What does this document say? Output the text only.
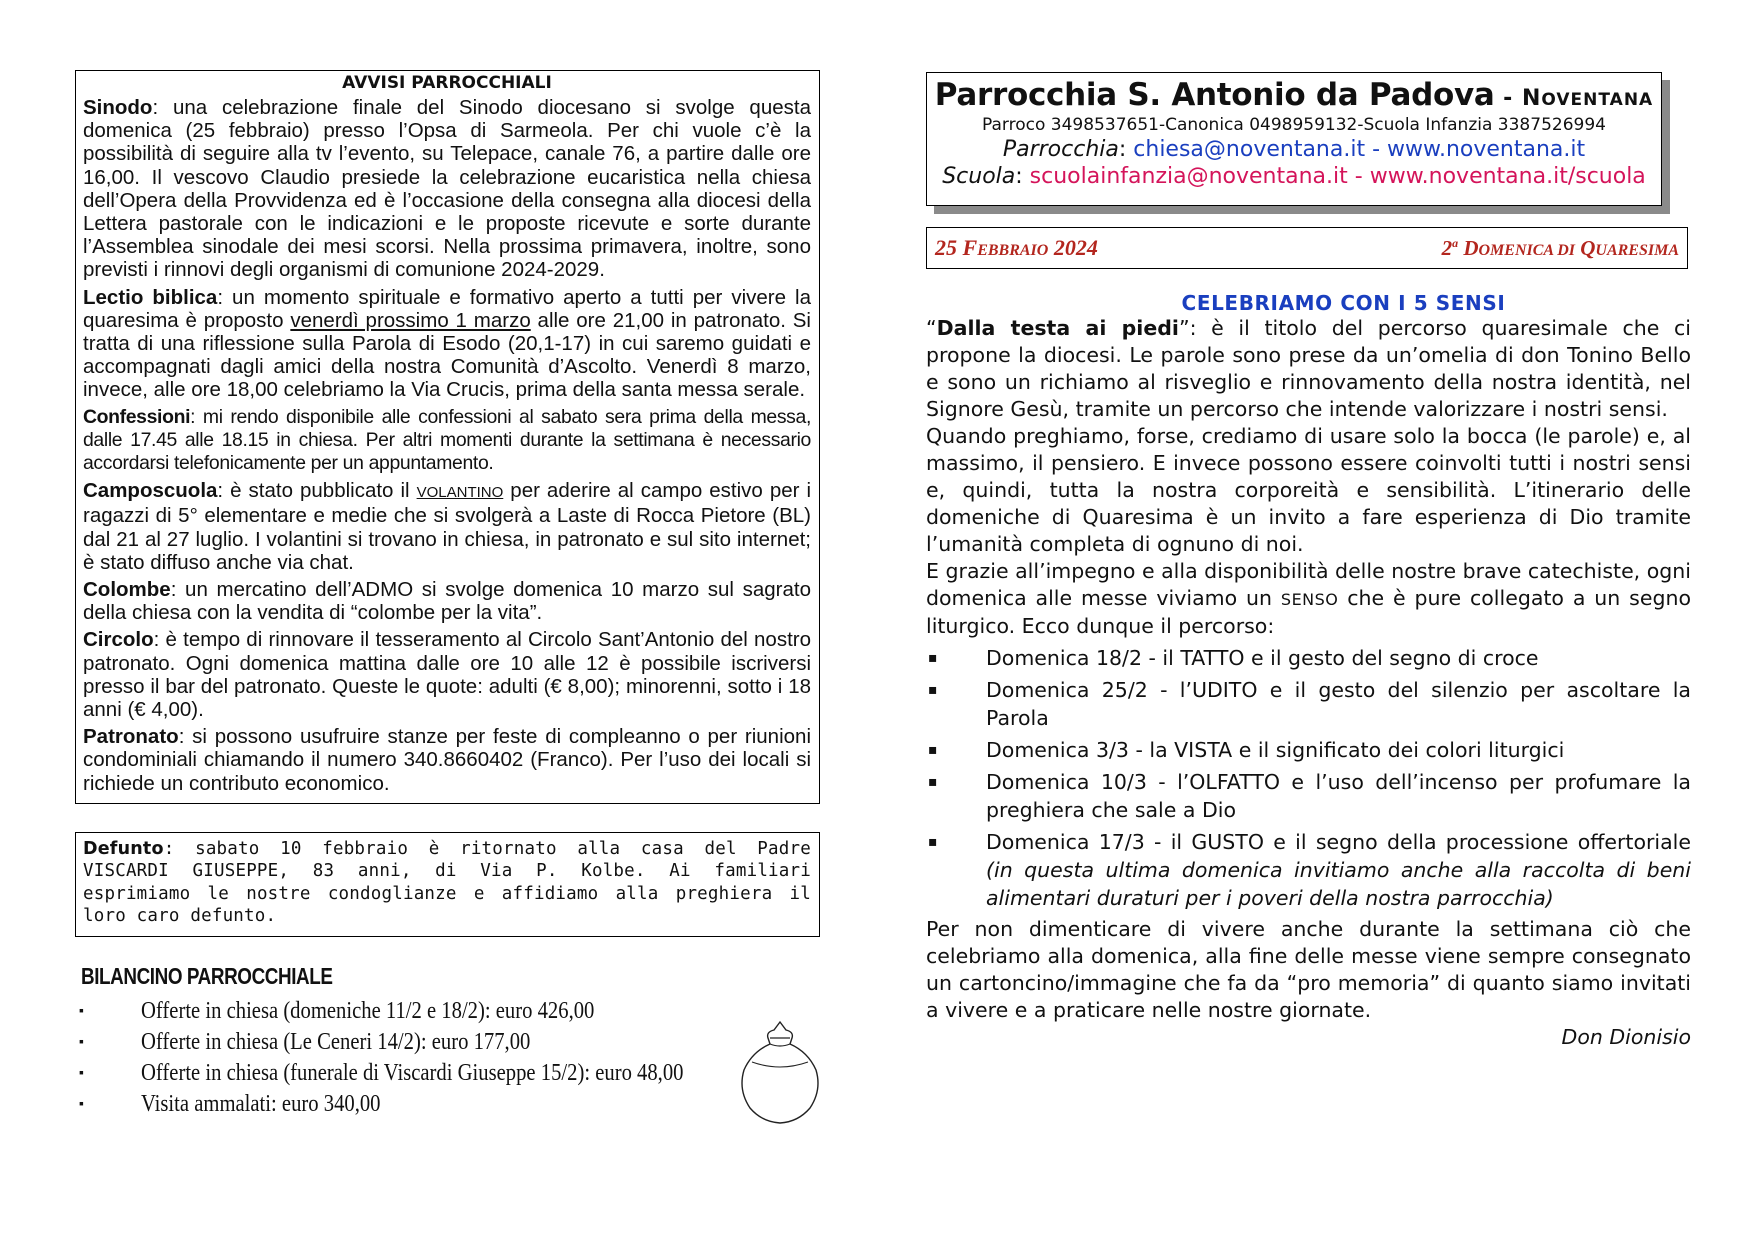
AVVISI PARROCCHIALI
Sinodo: una celebrazione finale del Sinodo diocesano si svolge questa domenica (25 febbraio) presso l’Opsa di Sarmeola. Per chi vuole c’è la possibilità di seguire alla tv l’evento, su Telepace, canale 76, a partire dalle ore 16,00. Il vescovo Claudio presiede la celebrazione eucaristica nella chiesa dell’Opera della Provvidenza ed è l’occasione della consegna alla diocesi della Lettera pastorale con le indicazioni e le proposte ricevute e sorte durante l’Assemblea sinodale dei mesi scorsi. Nella prossima primavera, inoltre, sono previsti i rinnovi degli organismi di comunione 2024-2029.
Lectio biblica: un momento spirituale e formativo aperto a tutti per vivere la quaresima è proposto venerdì prossimo 1 marzo alle ore 21,00 in patronato. Si tratta di una riflessione sulla Parola di Esodo (20,1-17) in cui saremo guidati e accompagnati dagli amici della nostra Comunità d’Ascolto. Venerdì 8 marzo, invece, alle ore 18,00 celebriamo la Via Crucis, prima della santa messa serale.
Confessioni: mi rendo disponibile alle confessioni al sabato sera prima della messa, dalle 17.45 alle 18.15 in chiesa. Per altri momenti durante la settimana è necessario accordarsi telefonicamente per un appuntamento.
Camposcuola: è stato pubblicato il VOLANTINO per aderire al campo estivo per i ragazzi di 5° elementare e medie che si svolgerà a Laste di Rocca Pietore (BL) dal 21 al 27 luglio. I volantini si trovano in chiesa, in patronato e sul sito internet; è stato diffuso anche via chat.
Colombe: un mercatino dell’ADMO si svolge domenica 10 marzo sul sagrato della chiesa con la vendita di “colombe per la vita”.
Circolo: è tempo di rinnovare il tesseramento al Circolo Sant’Antonio del nostro patronato. Ogni domenica mattina dalle ore 10 alle 12 è possibile iscriversi presso il bar del patronato. Queste le quote: adulti (€ 8,00); minorenni, sotto i 18 anni (€ 4,00).
Patronato: si possono usufruire stanze per feste di compleanno o per riunioni condominiali chiamando il numero 340.8660402 (Franco). Per l’uso dei locali si richiede un contributo economico.
Defunto: sabato 10 febbraio è ritornato alla casa del Padre VISCARDI GIUSEPPE, 83 anni, di Via P. Kolbe. Ai familiari esprimiamo le nostre condoglianze e affidiamo alla preghiera il loro caro defunto.
BILANCINO PARROCCHIALE
▪	Offerte in chiesa (domeniche 11/2 e 18/2): euro 426,00
▪	Offerte in chiesa (Le Ceneri 14/2): euro 177,00
▪	Offerte in chiesa (funerale di Viscardi Giuseppe 15/2): euro 48,00
▪	Visita ammalati: euro 340,00
Parrocchia S. Antonio da Padova - NOVENTANA
Parroco 3498537651-Canonica 0498959132-Scuola Infanzia 3387526994
Parrocchia: chiesa@noventana.it - www.noventana.it
Scuola: scuolainfanzia@noventana.it - www.noventana.it/scuola
25 FEBBRAIO 2024	2$^a$ DOMENICA DI QUARESIMA
CELEBRIAMO CON I 5 SENSI

“Dalla testa ai piedi”: è il titolo del percorso quaresimale che ci propone la diocesi. Le parole sono prese da un’omelia di don Tonino Bello e sono un richiamo al risveglio e rinnovamento della nostra identità, nel Signore Gesù, tramite un percorso che intende valorizzare i nostri sensi.

Quando preghiamo, forse, crediamo di usare solo la bocca (le parole) e, al massimo, il pensiero. E invece possono essere coinvolti tutti i nostri sensi e, quindi, tutta la nostra corporeità e sensibilità. L’itinerario delle domeniche di Quaresima è un invito a fare esperienza di Dio tramite l’umanità completa di ognuno di noi.

E grazie all’impegno e alla disponibilità delle nostre brave catechiste, ogni domenica alle messe viviamo un SENSO che è pure collegato a un segno liturgico. Ecco dunque il percorso:

▪	Domenica 18/2 - il TATTO e il gesto del segno di croce
▪	Domenica 25/2 - l’UDITO e il gesto del silenzio per ascoltare la Parola
▪	Domenica 3/3 - la VISTA e il significato dei colori liturgici
▪	Domenica 10/3 - l’OLFATTO e l’uso dell’incenso per profumare la preghiera che sale a Dio
▪	Domenica 17/3 - il GUSTO e il segno della processione offertoriale (in questa ultima domenica invitiamo anche alla raccolta di beni alimentari duraturi per i poveri della nostra parrocchia)

Per non dimenticare di vivere anche durante la settimana ciò che celebriamo alla domenica, alla fine delle messe viene sempre consegnato un cartoncino/immagine che fa da “pro memoria” di quanto siamo invitati a vivere e a praticare nelle nostre giornate.

Don Dionisio
